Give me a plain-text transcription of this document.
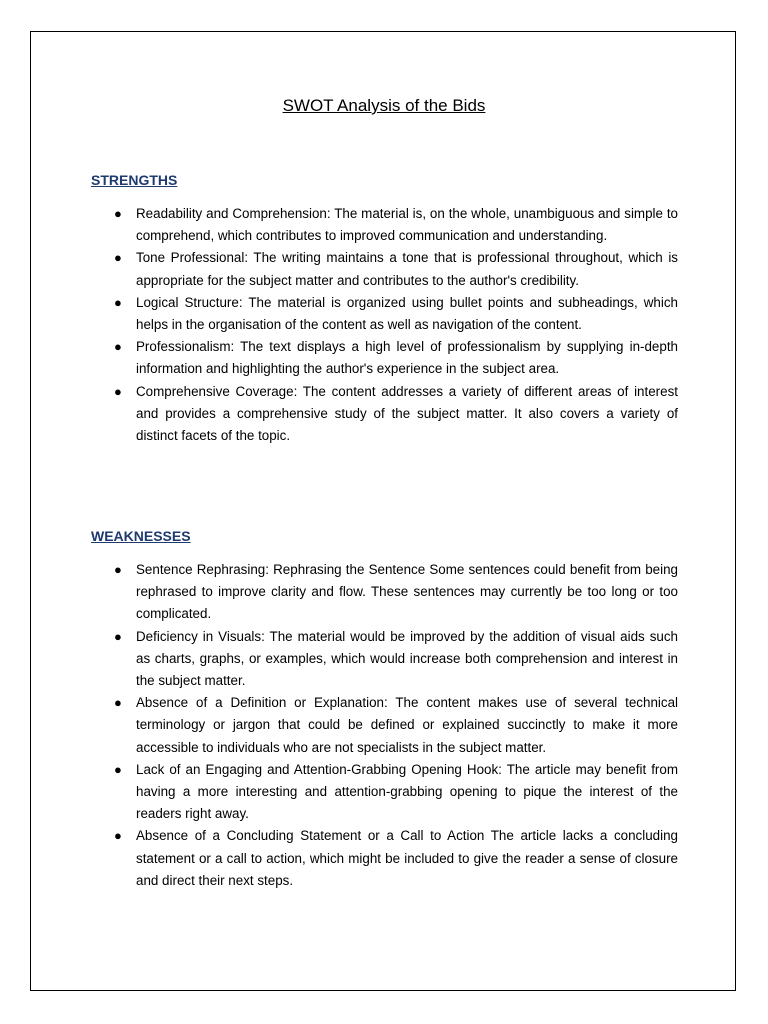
SWOT Analysis of the Bids
STRENGTHS
● Readability and Comprehension: The material is, on the whole, unambiguous and simple to comprehend, which contributes to improved communication and understanding.
● Tone Professional: The writing maintains a tone that is professional throughout, which is appropriate for the subject matter and contributes to the author's credibility.
● Logical Structure: The material is organized using bullet points and subheadings, which helps in the organisation of the content as well as navigation of the content.
● Professionalism: The text displays a high level of professionalism by supplying in-depth information and highlighting the author's experience in the subject area.
● Comprehensive Coverage: The content addresses a variety of different areas of interest and provides a comprehensive study of the subject matter. It also covers a variety of distinct facets of the topic.
WEAKNESSES
● Sentence Rephrasing: Rephrasing the Sentence Some sentences could benefit from being rephrased to improve clarity and flow. These sentences may currently be too long or too complicated.
● Deficiency in Visuals: The material would be improved by the addition of visual aids such as charts, graphs, or examples, which would increase both comprehension and interest in the subject matter.
● Absence of a Definition or Explanation: The content makes use of several technical terminology or jargon that could be defined or explained succinctly to make it more accessible to individuals who are not specialists in the subject matter.
● Lack of an Engaging and Attention-Grabbing Opening Hook: The article may benefit from having a more interesting and attention-grabbing opening to pique the interest of the readers right away.
● Absence of a Concluding Statement or a Call to Action The article lacks a concluding statement or a call to action, which might be included to give the reader a sense of closure and direct their next steps.
